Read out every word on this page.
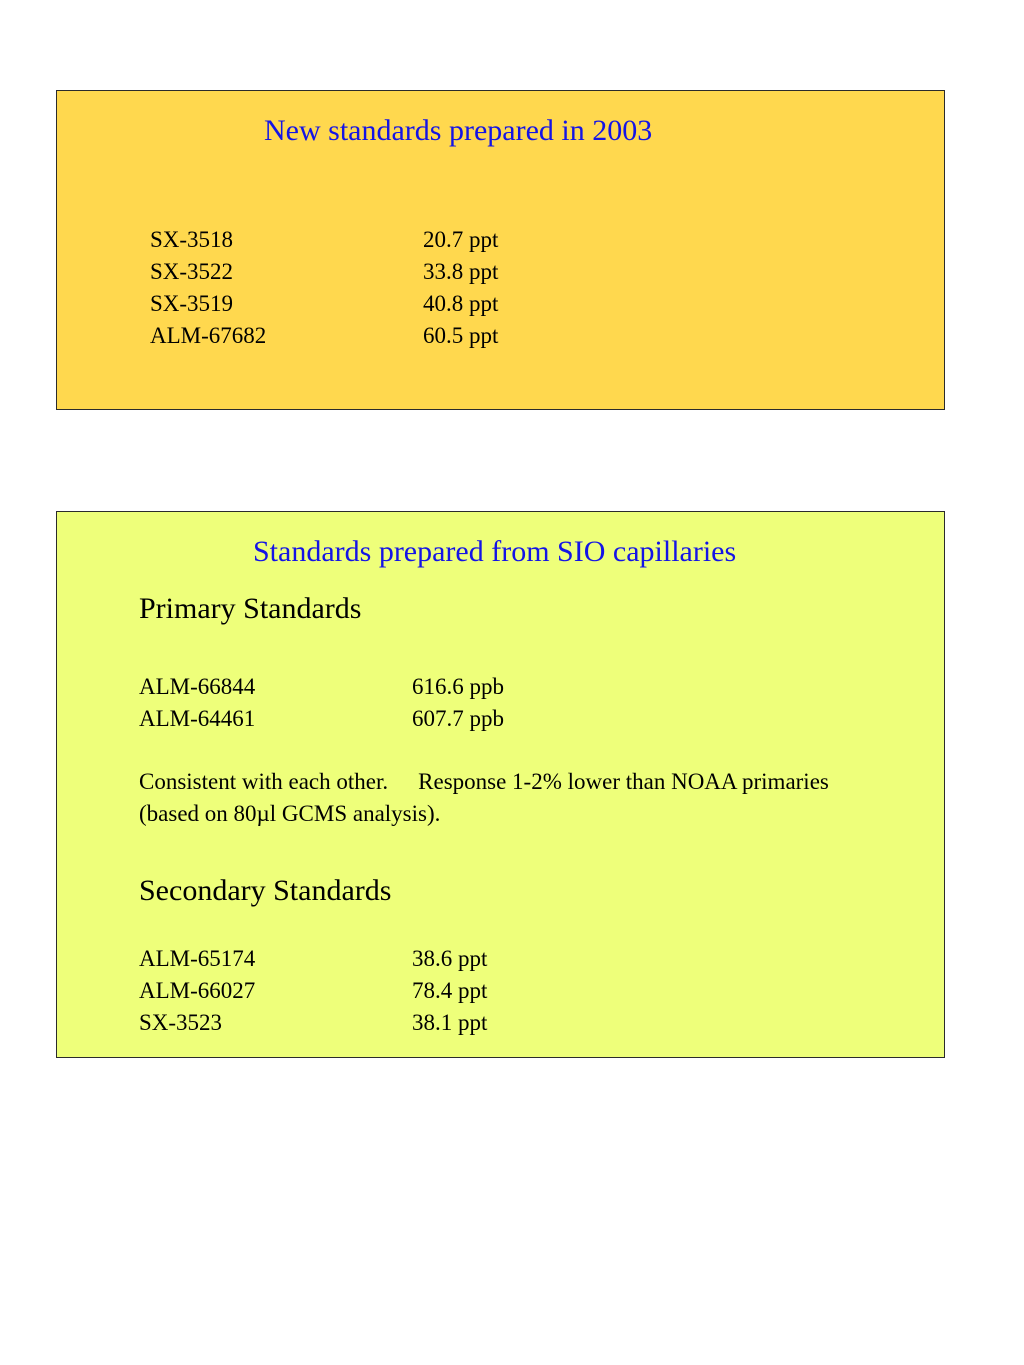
New standards prepared in 2003
SX-3518	20.7 ppt
SX-3522	33.8 ppt
SX-3519	40.8 ppt
ALM-67682	60.5 ppt
Standards prepared from SIO capillaries
Primary Standards
ALM-66844	616.6 ppb
ALM-64461	607.7 ppb
Consistent with each other. Response 1-2% lower than NOAA primaries (based on 80µl GCMS analysis).
Secondary Standards
ALM-65174	38.6 ppt
ALM-66027	78.4 ppt
SX-3523	38.1 ppt
